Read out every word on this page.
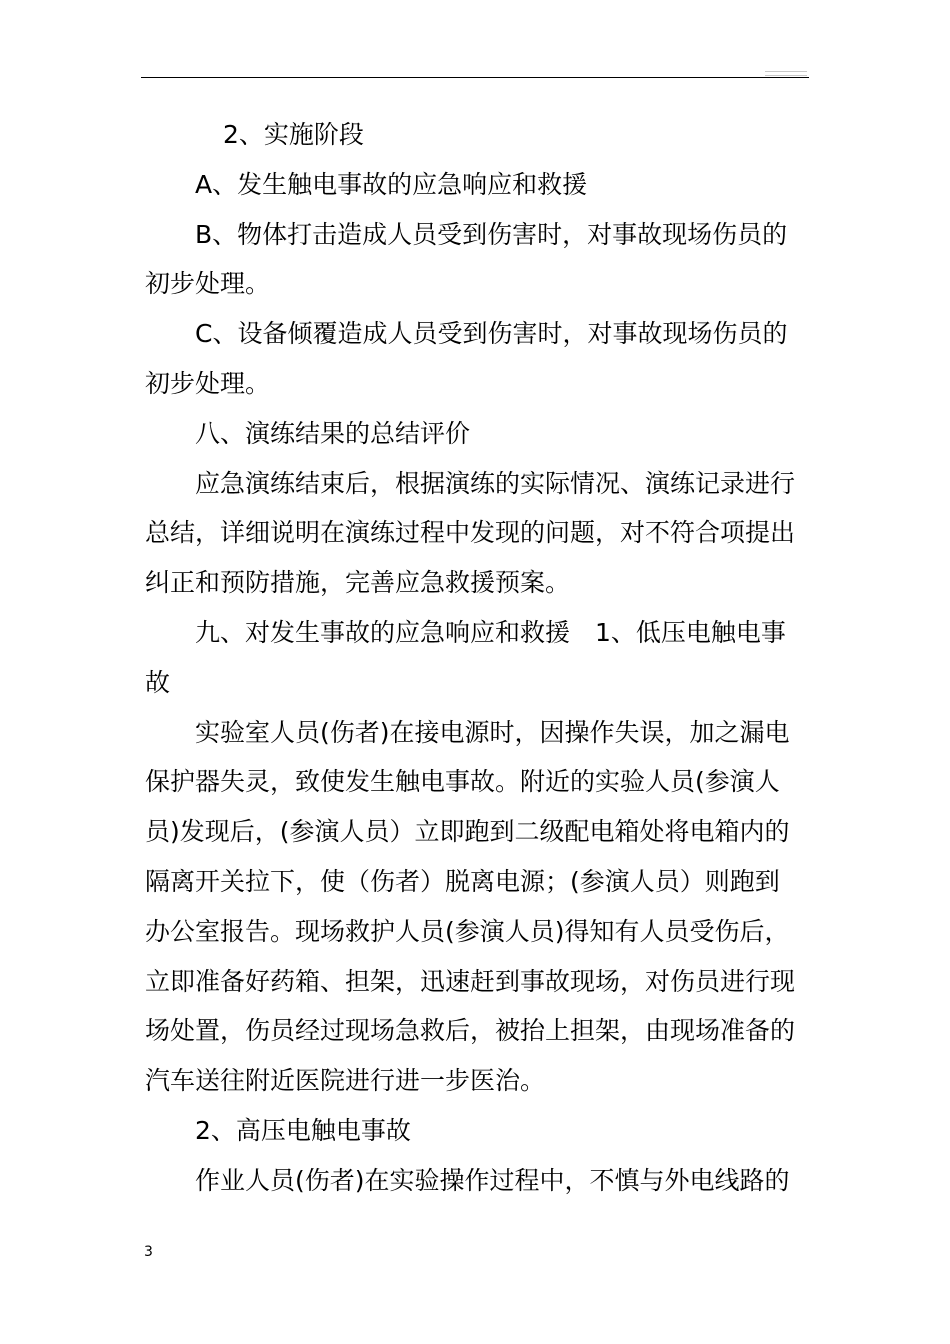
2、实施阶段

A、发生触电事故的应急响应和救援

B、物体打击造成人员受到伤害时，对事故现场伤员的

初步处理。

C、设备倾覆造成人员受到伤害时，对事故现场伤员的

初步处理。

八、演练结果的总结评价

应急演练结束后，根据演练的实际情况、演练记录进行

总结，详细说明在演练过程中发现的问题，对不符合项提出

纠正和预防措施，完善应急救援预案。

九、对发生事故的应急响应和救援　1、低压电触电事

故

实验室人员(伤者)在接电源时，因操作失误，加之漏电

保护器失灵，致使发生触电事故。附近的实验人员(参演人

员)发现后，(参演人员）立即跑到二级配电箱处将电箱内的

隔离开关拉下，使（伤者）脱离电源；(参演人员）则跑到

办公室报告。现场救护人员(参演人员)得知有人员受伤后，

立即准备好药箱、担架，迅速赶到事故现场，对伤员进行现

场处置，伤员经过现场急救后，被抬上担架，由现场准备的

汽车送往附近医院进行进一步医治。

2、高压电触电事故

作业人员(伤者)在实验操作过程中，不慎与外电线路的

3
